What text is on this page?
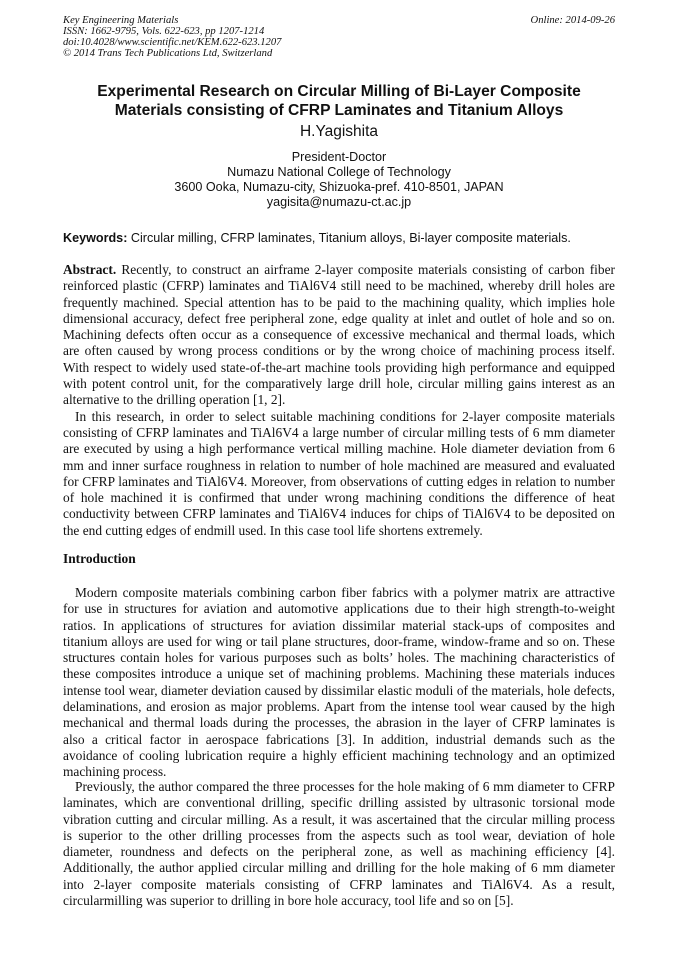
Key Engineering Materials
ISSN: 1662-9795, Vols. 622-623, pp 1207-1214
doi:10.4028/www.scientific.net/KEM.622-623.1207
© 2014 Trans Tech Publications Ltd, Switzerland
Online: 2014-09-26
Experimental Research on Circular Milling of Bi-Layer Composite
Materials consisting of CFRP Laminates and Titanium Alloys
H.Yagishita
President-Doctor
Numazu National College of Technology
3600 Ooka, Numazu-city, Shizuoka-pref. 410-8501, JAPAN
yagisita@numazu-ct.ac.jp
Keywords: Circular milling, CFRP laminates, Titanium alloys, Bi-layer composite materials.
Abstract. Recently, to construct an airframe 2-layer composite materials consisting of carbon fiber
reinforced plastic (CFRP) laminates and TiAl6V4 still need to be machined, whereby drill holes are
frequently machined. Special attention has to be paid to the machining quality, which implies hole
dimensional accuracy, defect free peripheral zone, edge quality at inlet and outlet of hole and so on.
Machining defects often occur as a consequence of excessive mechanical and thermal loads, which
are often caused by wrong process conditions or by the wrong choice of machining process itself.
With respect to widely used state-of-the-art machine tools providing high performance and equipped
with potent control unit, for the comparatively large drill hole, circular milling gains interest as an
alternative to the drilling operation [1, 2].
In this research, in order to select suitable machining conditions for 2-layer composite materials
consisting of CFRP laminates and TiAl6V4 a large number of circular milling tests of 6 mm diameter
are executed by using a high performance vertical milling machine. Hole diameter deviation from 6
mm and inner surface roughness in relation to number of hole machined are measured and evaluated
for CFRP laminates and TiAl6V4. Moreover, from observations of cutting edges in relation to number
of hole machined it is confirmed that under wrong machining conditions the difference of heat
conductivity between CFRP laminates and TiAl6V4 induces for chips of TiAl6V4 to be deposited on
the end cutting edges of endmill used. In this case tool life shortens extremely.
Introduction
Modern composite materials combining carbon fiber fabrics with a polymer matrix are attractive
for use in structures for aviation and automotive applications due to their high strength-to-weight
ratios. In applications of structures for aviation dissimilar material stack-ups of composites and
titanium alloys are used for wing or tail plane structures, door-frame, window-frame and so on. These
structures contain holes for various purposes such as bolts’ holes. The machining characteristics of
these composites introduce a unique set of machining problems. Machining these materials induces
intense tool wear, diameter deviation caused by dissimilar elastic moduli of the materials, hole defects,
delaminations, and erosion as major problems. Apart from the intense tool wear caused by the high
mechanical and thermal loads during the processes, the abrasion in the layer of CFRP laminates is
also a critical factor in aerospace fabrications [3]. In addition, industrial demands such as the
avoidance of cooling lubrication require a highly efficient machining technology and an optimized
machining process.
Previously, the author compared the three processes for the hole making of 6 mm diameter to CFRP
laminates, which are conventional drilling, specific drilling assisted by ultrasonic torsional mode
vibration cutting and circular milling. As a result, it was ascertained that the circular milling process
is superior to the other drilling processes from the aspects such as tool wear, deviation of hole
diameter, roundness and defects on the peripheral zone, as well as machining efficiency [4].
Additionally, the author applied circular milling and drilling for the hole making of 6 mm diameter
into 2-layer composite materials consisting of CFRP laminates and TiAl6V4. As a result,
circularmilling was superior to drilling in bore hole accuracy, tool life and so on [5].
